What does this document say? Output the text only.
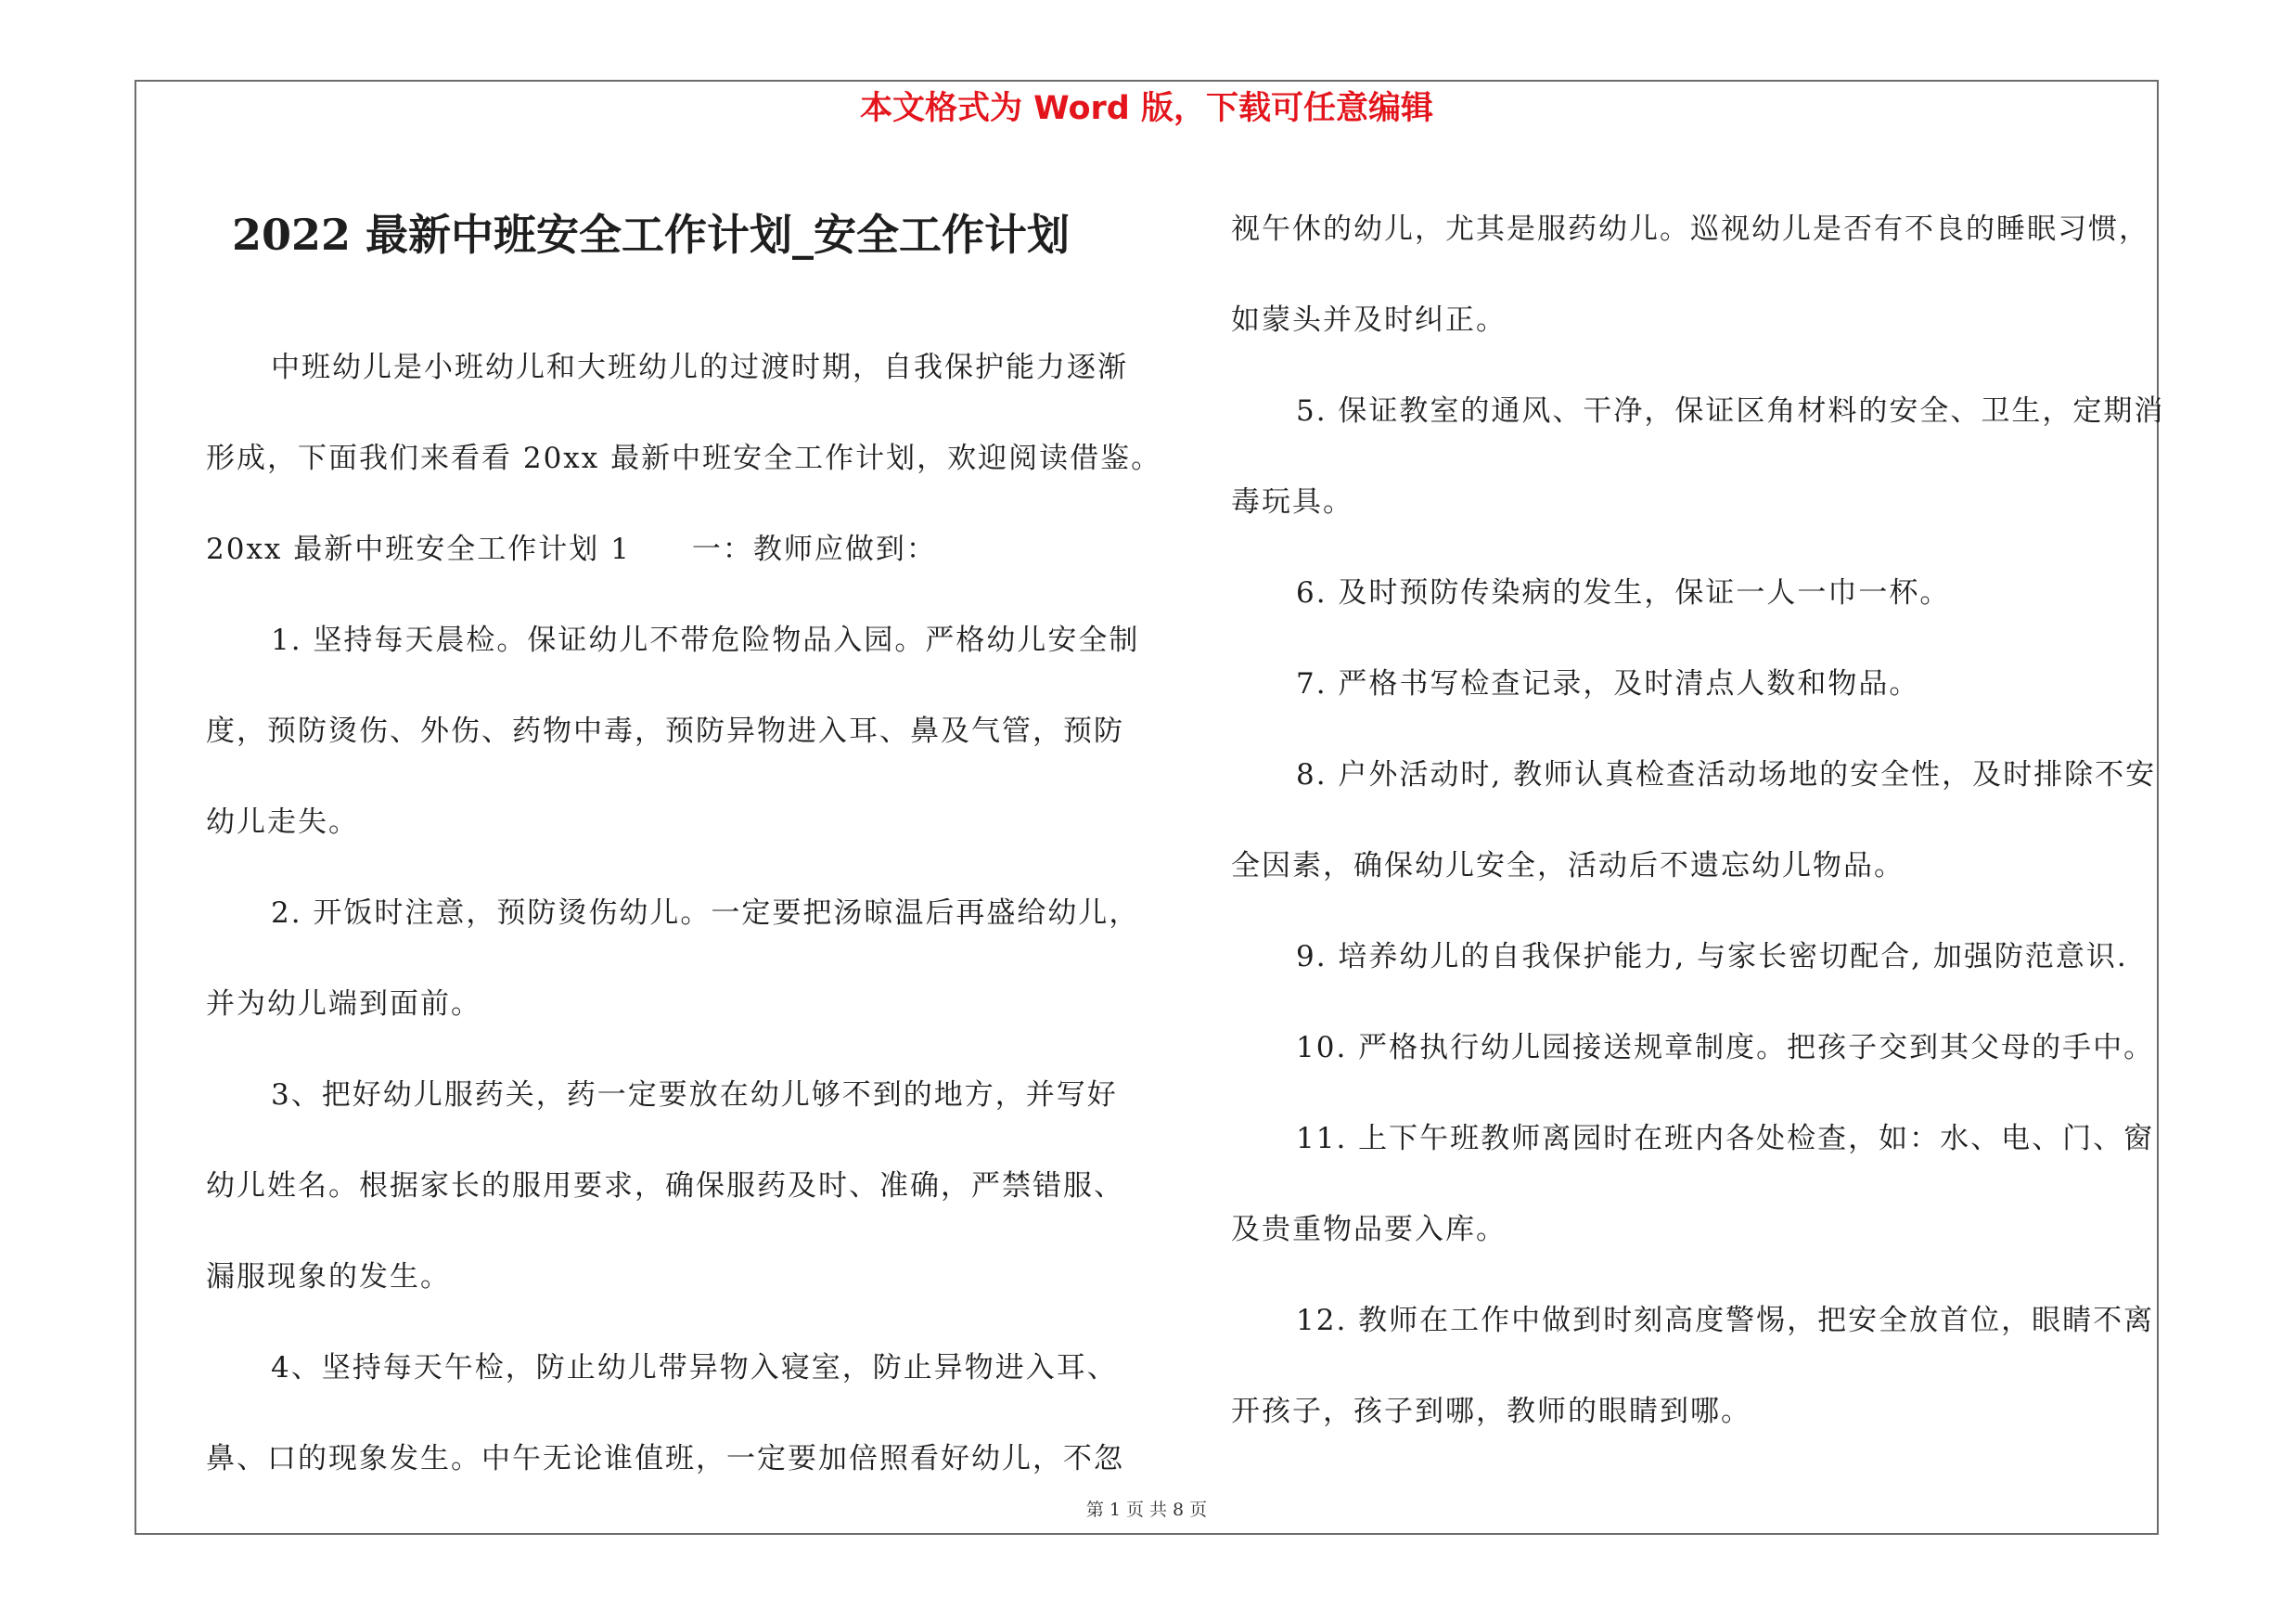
本文格式为 Word 版，下载可任意编辑
2022 最新中班安全工作计划_安全工作计划

中班幼儿是小班幼儿和大班幼儿的过渡时期，自我保护能力逐渐

形成，下面我们来看看 20xx 最新中班安全工作计划，欢迎阅读借鉴。

20xx 最新中班安全工作计划 1　　一：教师应做到：

1. 坚持每天晨检。保证幼儿不带危险物品入园。严格幼儿安全制

度，预防烫伤、外伤、药物中毒，预防异物进入耳、鼻及气管，预防

幼儿走失。

2. 开饭时注意，预防烫伤幼儿。一定要把汤晾温后再盛给幼儿，

并为幼儿端到面前。

3、把好幼儿服药关，药一定要放在幼儿够不到的地方，并写好

幼儿姓名。根据家长的服用要求，确保服药及时、准确，严禁错服、

漏服现象的发生。

4、坚持每天午检，防止幼儿带异物入寝室，防止异物进入耳、

鼻、口的现象发生。中午无论谁值班，一定要加倍照看好幼儿，不忽

视午休的幼儿，尤其是服药幼儿。巡视幼儿是否有不良的睡眠习惯，

如蒙头并及时纠正。

5. 保证教室的通风、干净，保证区角材料的安全、卫生，定期消

毒玩具。

6. 及时预防传染病的发生，保证一人一巾一杯。

7. 严格书写检查记录，及时清点人数和物品。

8. 户外活动时, 教师认真检查活动场地的安全性，及时排除不安

全因素，确保幼儿安全，活动后不遗忘幼儿物品。

9. 培养幼儿的自我保护能力, 与家长密切配合, 加强防范意识.

10. 严格执行幼儿园接送规章制度。把孩子交到其父母的手中。

11. 上下午班教师离园时在班内各处检查，如：水、电、门、窗

及贵重物品要入库。

12. 教师在工作中做到时刻高度警惕，把安全放首位，眼睛不离

开孩子，孩子到哪，教师的眼睛到哪。

第 1 页 共 8 页
